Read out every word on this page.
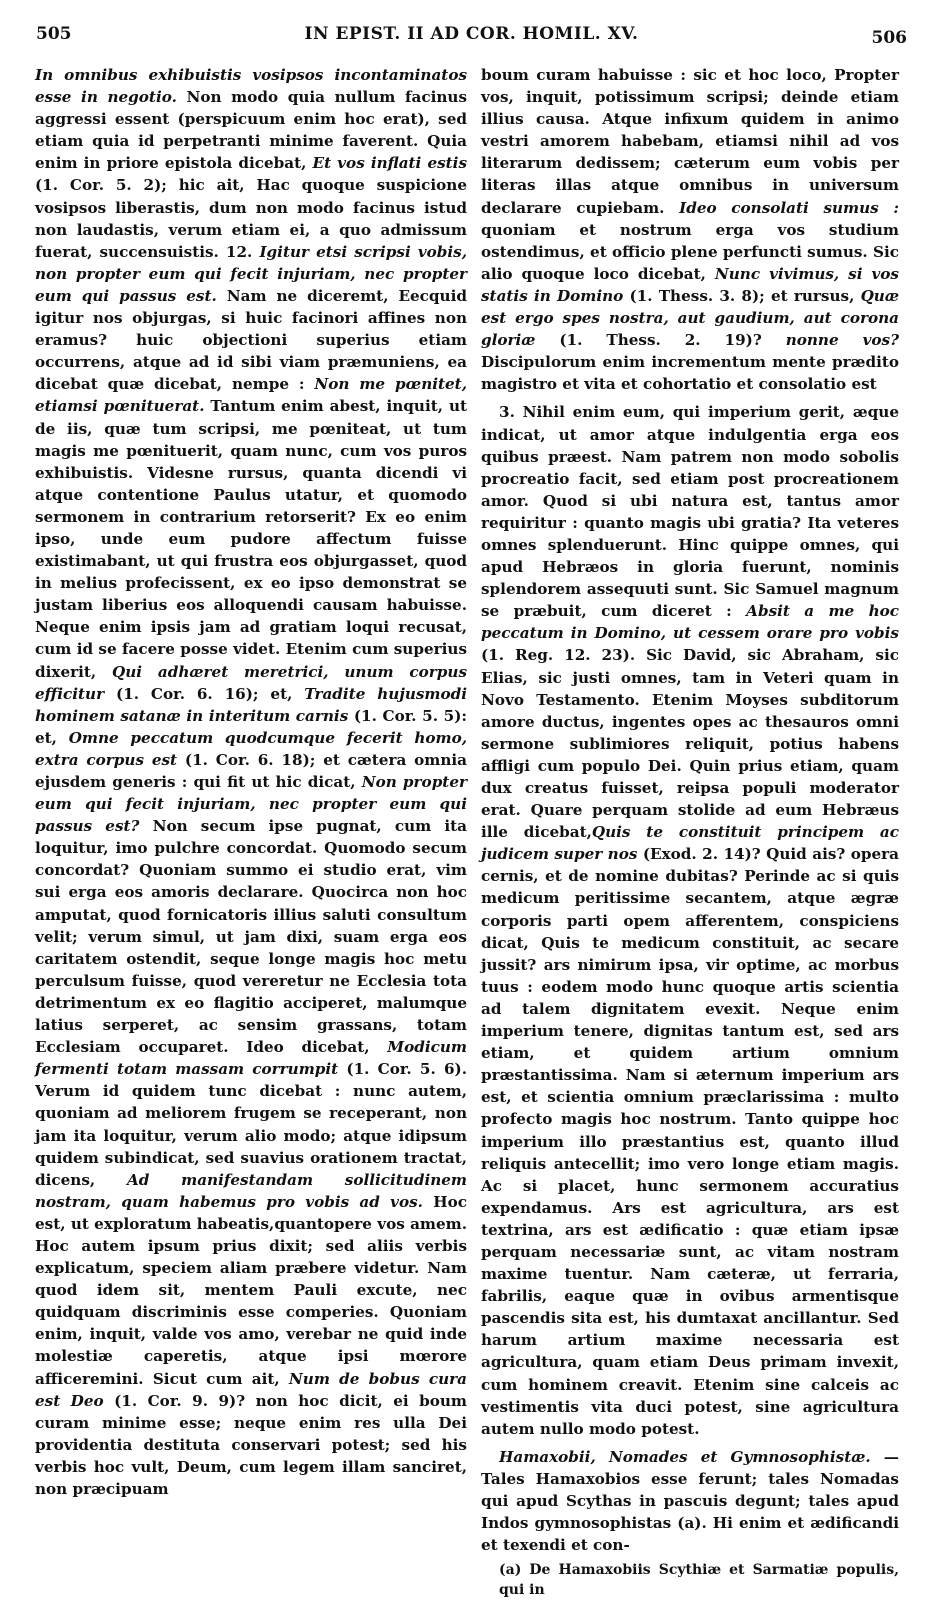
505	IN EPIST. II AD COR. HOMIL. XV.	506

In omnibus exhibuistis vosipsos incontaminatos esse in negotio. Non modo quia nullum facinus aggressi essent (perspicuum enim hoc erat), sed etiam quia id perpetranti minime faverent. Quia enim in priore epistola dicebat, Et vos inflati estis (1. Cor. 5. 2); hic ait, Hac quoque suspicione vosipsos liberastis, dum non modo facinus istud non laudastis, verum etiam ei, a quo admissum fuerat, succensuistis. 12. Igitur etsi scripsi vobis, non propter eum qui fecit injuriam, nec propter eum qui passus est. Nam ne diceremt, Eecquid igitur nos objurgas, si huic facinori affines non eramus? huic objectioni superius etiam occurrens, atque ad id sibi viam præmuniens, ea dicebat quæ dicebat, nempe : Non me pœnitet, etiamsi pœnituerat. Tantum enim abest, inquit, ut de iis, quæ tum scripsi, me pœniteat, ut tum magis me pœnituerit, quam nunc, cum vos puros exhibuistis. Videsne rursus, quanta dicendi vi atque contentione Paulus utatur, et quomodo sermonem in contrarium retorserit? Ex eo enim ipso, unde eum pudore affectum fuisse existimabant, ut qui frustra eos objurgasset, quod in melius profecissent, ex eo ipso demonstrat se justam liberius eos alloquendi causam habuisse. Neque enim ipsis jam ad gratiam loqui recusat, cum id se facere posse videt. Etenim cum superius dixerit, Qui adhæret meretrici, unum corpus efficitur (1. Cor. 6. 16); et, Tradite hujusmodi hominem satanæ in interitum carnis (1. Cor. 5. 5): et, Omne peccatum quodcumque fecerit homo, extra corpus est (1. Cor. 6. 18); et cætera omnia ejusdem generis : qui fit ut hic dicat, Non propter eum qui fecit injuriam, nec propter eum qui passus est? Non secum ipse pugnat, cum ita loquitur, imo pulchre concordat. Quomodo secum concordat? Quoniam summo ei studio erat, vim sui erga eos amoris declarare. Quocirca non hoc amputat, quod fornicatoris illius saluti consultum velit; verum simul, ut jam dixi, suam erga eos caritatem ostendit, seque longe magis hoc metu perculsum fuisse, quod vereretur ne Ecclesia tota detrimentum ex eo flagitio acciperet, malumque latius serperet, ac sensim grassans, totam Ecclesiam occuparet. Ideo dicebat, Modicum fermenti totam massam corrumpit (1. Cor. 5. 6). Verum id quidem tunc dicebat : nunc autem, quoniam ad meliorem frugem se receperant, non jam ita loquitur, verum alio modo; atque idipsum quidem subindicat, sed suavius orationem tractat, dicens, Ad manifestandam sollicitudinem nostram, quam habemus pro vobis ad vos. Hoc est, ut exploratum habeatis,quantopere vos amem. Hoc autem ipsum prius dixit; sed aliis verbis explicatum, speciem aliam præbere videtur. Nam quod idem sit, mentem Pauli excute, nec quidquam discriminis esse comperies. Quoniam enim, inquit, valde vos amo, verebar ne quid inde molestiæ caperetis, atque ipsi mœrore afficeremini. Sicut cum ait, Num de bobus cura est Deo (1. Cor. 9. 9)? non hoc dicit, ei boum curam minime esse; neque enim res ulla Dei providentia destituta conservari potest; sed his verbis hoc vult, Deum, cum legem illam sanciret, non præcipuam

boum curam habuisse : sic et hoc loco, Propter vos, inquit, potissimum scripsi; deinde etiam illius causa. Atque infixum quidem in animo vestri amorem habebam, etiamsi nihil ad vos literarum dedissem; cæterum eum vobis per literas illas atque omnibus in universum declarare cupiebam. Ideo consolati sumus : quoniam et nostrum erga vos studium ostendimus, et officio plene perfuncti sumus. Sic alio quoque loco dicebat, Nunc vivimus, si vos statis in Domino (1. Thess. 3. 8); et rursus, Quæ est ergo spes nostra, aut gaudium, aut corona gloriæ (1. Thess. 2. 19)? nonne vos? Discipulorum enim incrementum mente prædito magistro et vita et cohortatio et consolatio est

3. Nihil enim eum, qui imperium gerit, æque indicat, ut amor atque indulgentia erga eos quibus præest. Nam patrem non modo sobolis procreatio facit, sed etiam post procreationem amor. Quod si ubi natura est, tantus amor requiritur : quanto magis ubi gratia? Ita veteres omnes splenduerunt. Hinc quippe omnes, qui apud Hebræos in gloria fuerunt, nominis splendorem assequuti sunt. Sic Samuel magnum se præbuit, cum diceret : Absit a me hoc peccatum in Domino, ut cessem orare pro vobis (1. Reg. 12. 23). Sic David, sic Abraham, sic Elias, sic justi omnes, tam in Veteri quam in Novo Testamento. Etenim Moyses subditorum amore ductus, ingentes opes ac thesauros omni sermone sublimiores reliquit, potius habens affligi cum populo Dei. Quin prius etiam, quam dux creatus fuisset, reipsa populi moderator erat. Quare perquam stolide ad eum Hebræus ille dicebat,Quis te constituit principem ac judicem super nos (Exod. 2. 14)? Quid ais? opera cernis, et de nomine dubitas? Perinde ac si quis medicum peritissime secantem, atque ægræ corporis parti opem afferentem, conspiciens dicat, Quis te medicum constituit, ac secare jussit? ars nimirum ipsa, vir optime, ac morbus tuus : eodem modo hunc quoque artis scientia ad talem dignitatem evexit. Neque enim imperium tenere, dignitas tantum est, sed ars etiam, et quidem artium omnium præstantissima. Nam si æternum imperium ars est, et scientia omnium præclarissima : multo profecto magis hoc nostrum. Tanto quippe hoc imperium illo præstantius est, quanto illud reliquis antecellit; imo vero longe etiam magis. Ac si placet, hunc sermonem accuratius expendamus. Ars est agricultura, ars est textrina, ars est ædificatio : quæ etiam ipsæ perquam necessariæ sunt, ac vitam nostram maxime tuentur. Nam cæteræ, ut ferraria, fabrilis, eaque quæ in ovibus armentisque pascendis sita est, his dumtaxat ancillantur. Sed harum artium maxime necessaria est agricultura, quam etiam Deus primam invexit, cum hominem creavit. Etenim sine calceis ac vestimentis vita duci potest, sine agricultura autem nullo modo potest.

Hamaxobii, Nomades et Gymnosophistæ. — Tales Hamaxobios esse ferunt; tales Nomadas qui apud Scythas in pascuis degunt; tales apud Indos gymnosophistas (a). Hi enim et ædificandi et texendi et con-

(a) De Hamaxobiis Scythiæ et Sarmatiæ populis, qui in
